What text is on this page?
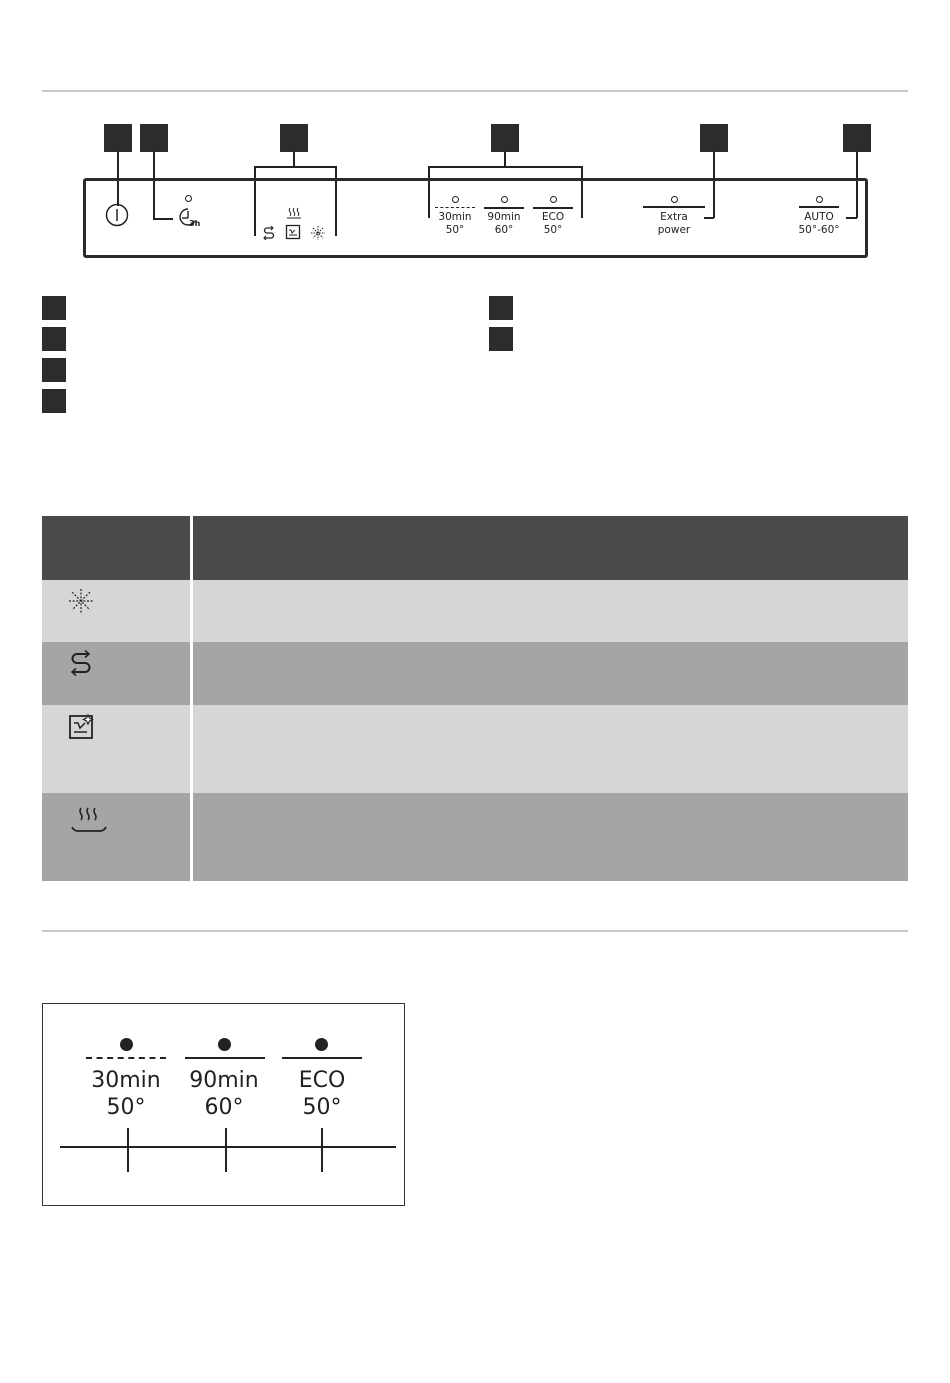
3h
30min
50°
90min
60°
ECO
50°
Extra
power
AUTO
50°-60°

30min
50°
90min
60°
ECO
50°
